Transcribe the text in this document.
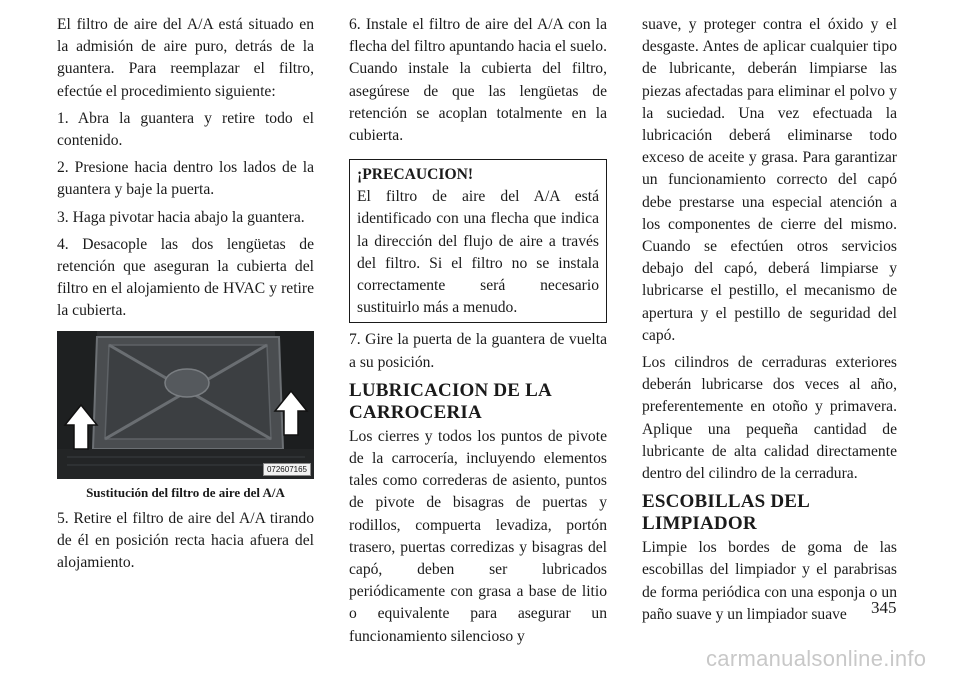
El filtro de aire del A/A está situado en la admisión de aire puro, detrás de la guantera. Para reemplazar el filtro, efectúe el procedimiento siguiente:

1. Abra la guantera y retire todo el contenido.

2. Presione hacia dentro los lados de la guantera y baje la puerta.

3. Haga pivotar hacia abajo la guantera.

4. Desacople las dos lengüetas de retención que aseguran la cubierta del filtro en el alojamiento de HVAC y retire la cubierta.

072607165
Sustitución del filtro de aire del A/A

5. Retire el filtro de aire del A/A tirando de él en posición recta hacia afuera del alojamiento.

6. Instale el filtro de aire del A/A con la flecha del filtro apuntando hacia el suelo. Cuando instale la cubierta del filtro, asegúrese de que las lengüetas de retención se acoplan totalmente en la cubierta.

¡PRECAUCION!

El filtro de aire del A/A está identificado con una flecha que indica la dirección del flujo de aire a través del filtro. Si el filtro no se instala correctamente será necesario sustituirlo más a menudo.

7. Gire la puerta de la guantera de vuelta a su posición.

LUBRICACION DE LA CARROCERIA

Los cierres y todos los puntos de pivote de la carrocería, incluyendo elementos tales como correderas de asiento, puntos de pivote de bisagras de puertas y rodillos, compuerta levadiza, portón trasero, puertas corredizas y bisagras del capó, deben ser lubricados periódicamente con grasa a base de litio o equivalente para asegurar un funcionamiento silencioso y

suave, y proteger contra el óxido y el desgaste. Antes de aplicar cualquier tipo de lubricante, deberán limpiarse las piezas afectadas para eliminar el polvo y la suciedad. Una vez efectuada la lubricación deberá eliminarse todo exceso de aceite y grasa. Para garantizar un funcionamiento correcto del capó debe prestarse una especial atención a los componentes de cierre del mismo. Cuando se efectúen otros servicios debajo del capó, deberá limpiarse y lubricarse el pestillo, el mecanismo de apertura y el pestillo de seguridad del capó.

Los cilindros de cerraduras exteriores deberán lubricarse dos veces al año, preferentemente en otoño y primavera. Aplique una pequeña cantidad de lubricante de alta calidad directamente dentro del cilindro de la cerradura.

ESCOBILLAS DEL LIMPIADOR

Limpie los bordes de goma de las escobillas del limpiador y el parabrisas de forma periódica con una esponja o un paño suave y un limpiador suave	345
carmanualsonline.info
